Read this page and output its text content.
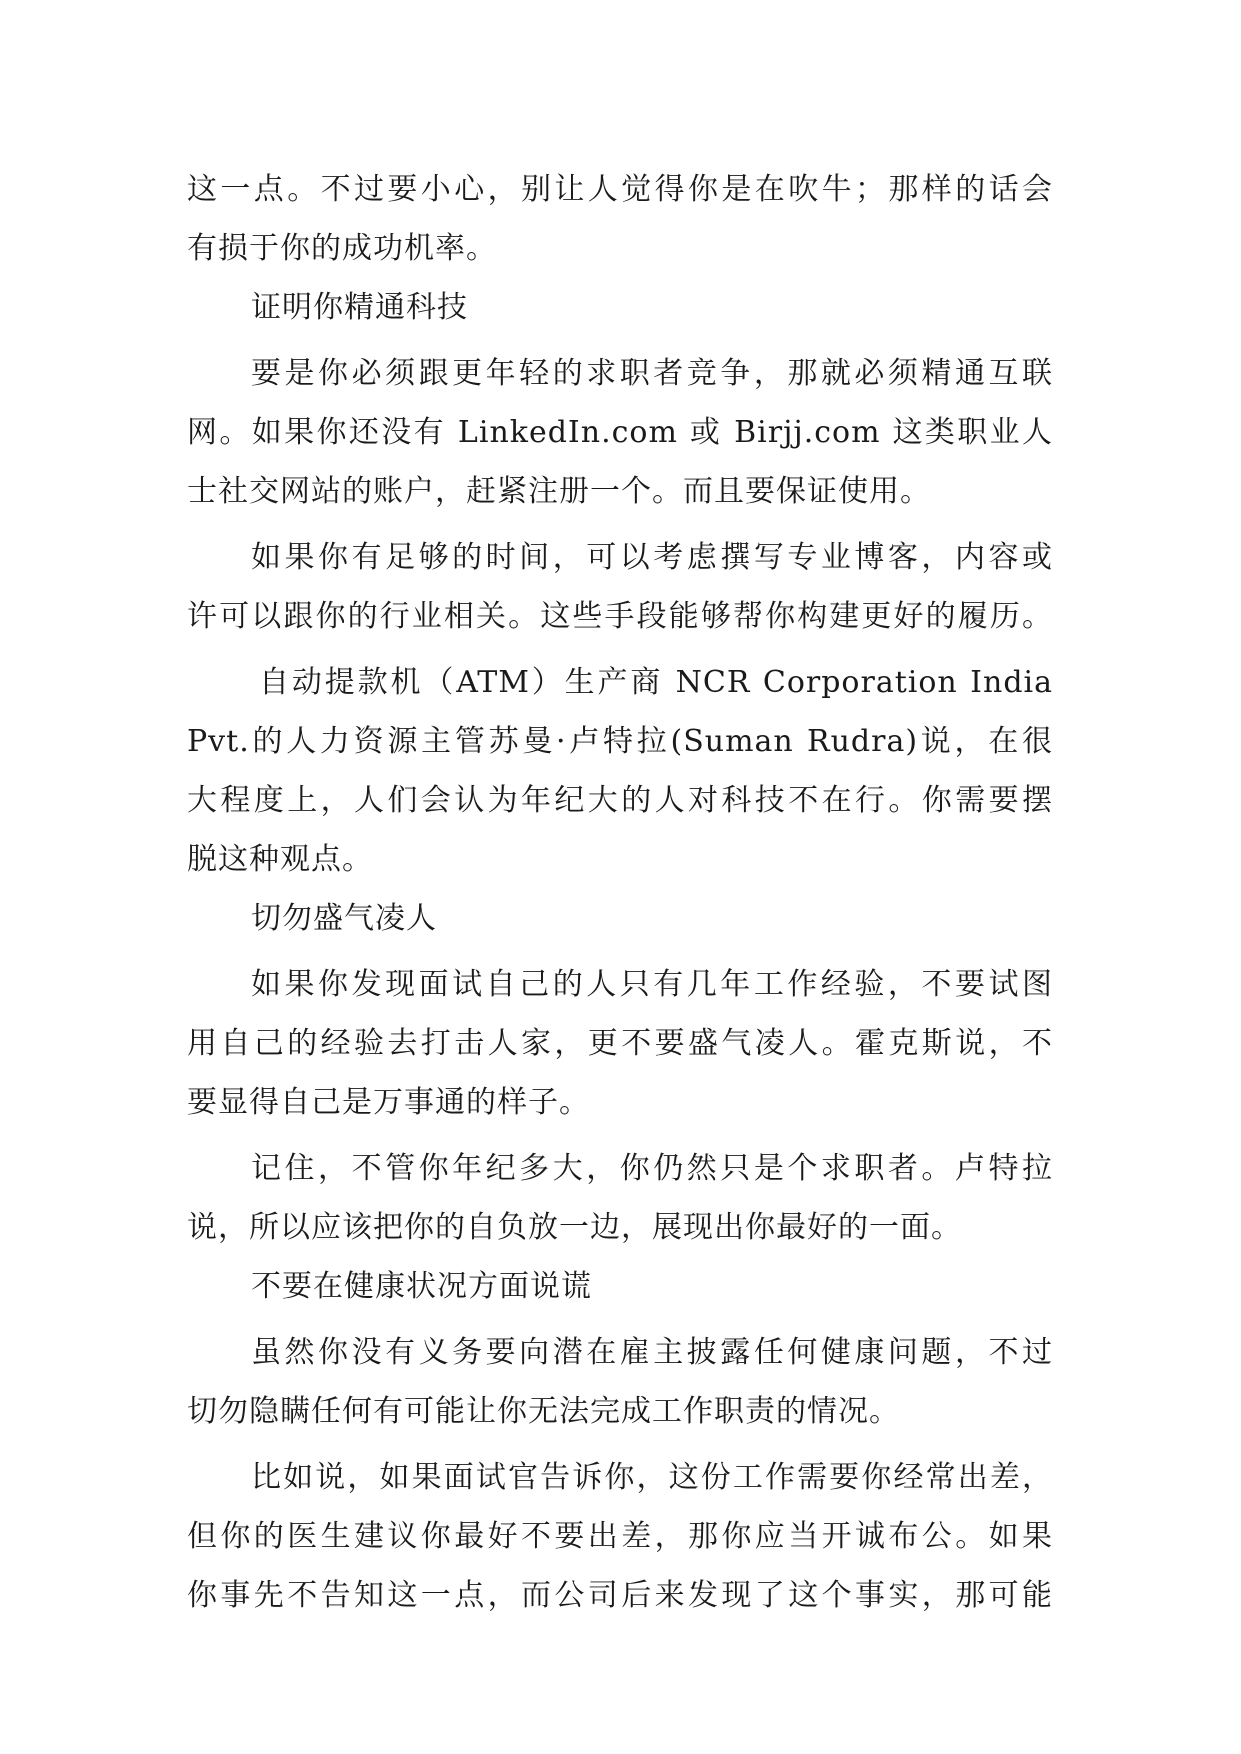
这一点。不过要小心，别让人觉得你是在吹牛；那样的话会
有损于你的成功机率。
证明你精通科技
要是你必须跟更年轻的求职者竞争，那就必须精通互联
网。如果你还没有 LinkedIn.com 或 Birjj.com 这类职业人
士社交网站的账户，赶紧注册一个。而且要保证使用。
如果你有足够的时间，可以考虑撰写专业博客，内容或
许可以跟你的行业相关。这些手段能够帮你构建更好的履历。
自动提款机（ATM）生产商 NCR Corporation India
Pvt.的人力资源主管苏曼·卢特拉(Suman Rudra)说，在很
大程度上，人们会认为年纪大的人对科技不在行。你需要摆
脱这种观点。
切勿盛气凌人
如果你发现面试自己的人只有几年工作经验，不要试图
用自己的经验去打击人家，更不要盛气凌人。霍克斯说，不
要显得自己是万事通的样子。
记住，不管你年纪多大，你仍然只是个求职者。卢特拉
说，所以应该把你的自负放一边，展现出你最好的一面。
不要在健康状况方面说谎
虽然你没有义务要向潜在雇主披露任何健康问题，不过
切勿隐瞒任何有可能让你无法完成工作职责的情况。
比如说，如果面试官告诉你，这份工作需要你经常出差，
但你的医生建议你最好不要出差，那你应当开诚布公。如果
你事先不告知这一点，而公司后来发现了这个事实，那可能
